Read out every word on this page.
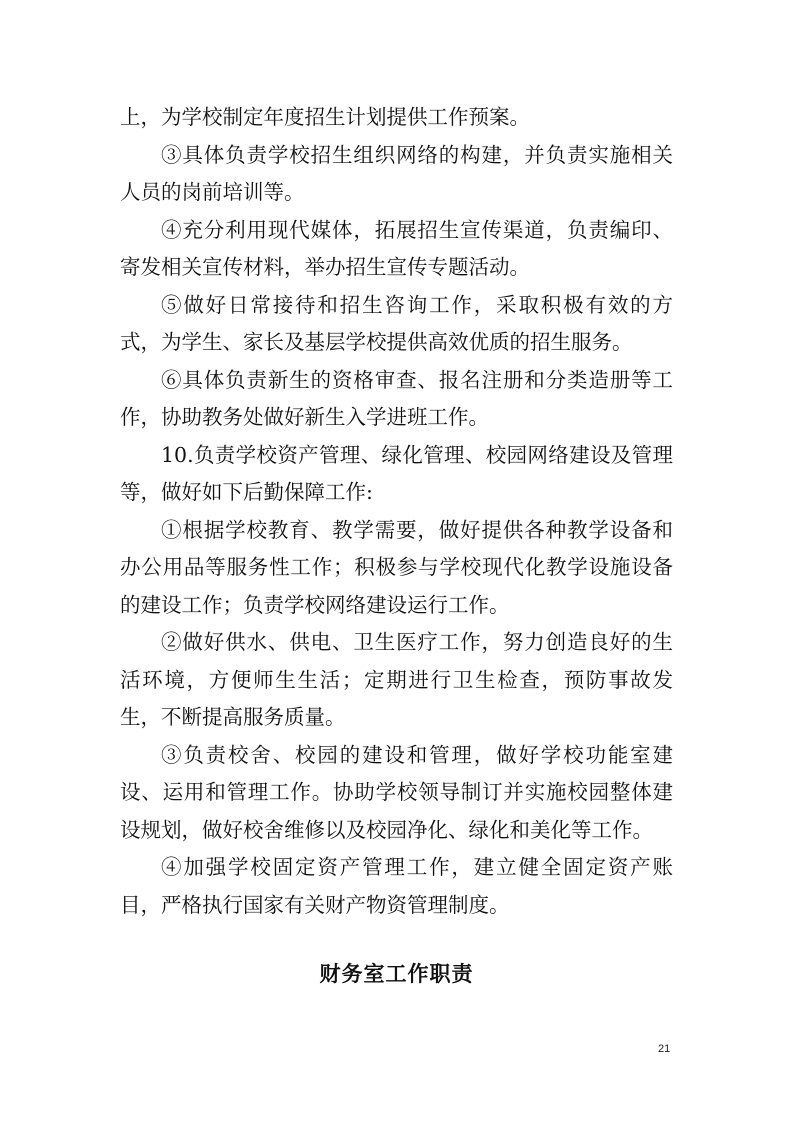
上，为学校制定年度招生计划提供工作预案。

③具体负责学校招生组织网络的构建，并负责实施相关人员的岗前培训等。

④充分利用现代媒体，拓展招生宣传渠道，负责编印、寄发相关宣传材料，举办招生宣传专题活动。

⑤做好日常接待和招生咨询工作，采取积极有效的方式，为学生、家长及基层学校提供高效优质的招生服务。

⑥具体负责新生的资格审查、报名注册和分类造册等工作，协助教务处做好新生入学进班工作。

10.负责学校资产管理、绿化管理、校园网络建设及管理等，做好如下后勤保障工作:

①根据学校教育、教学需要，做好提供各种教学设备和办公用品等服务性工作；积极参与学校现代化教学设施设备的建设工作；负责学校网络建设运行工作。

②做好供水、供电、卫生医疗工作，努力创造良好的生活环境，方便师生生活；定期进行卫生检查，预防事故发生，不断提高服务质量。

③负责校舍、校园的建设和管理，做好学校功能室建设、运用和管理工作。协助学校领导制订并实施校园整体建设规划，做好校舍维修以及校园净化、绿化和美化等工作。

④加强学校固定资产管理工作，建立健全固定资产账目，严格执行国家有关财产物资管理制度。

财务室工作职责
21
